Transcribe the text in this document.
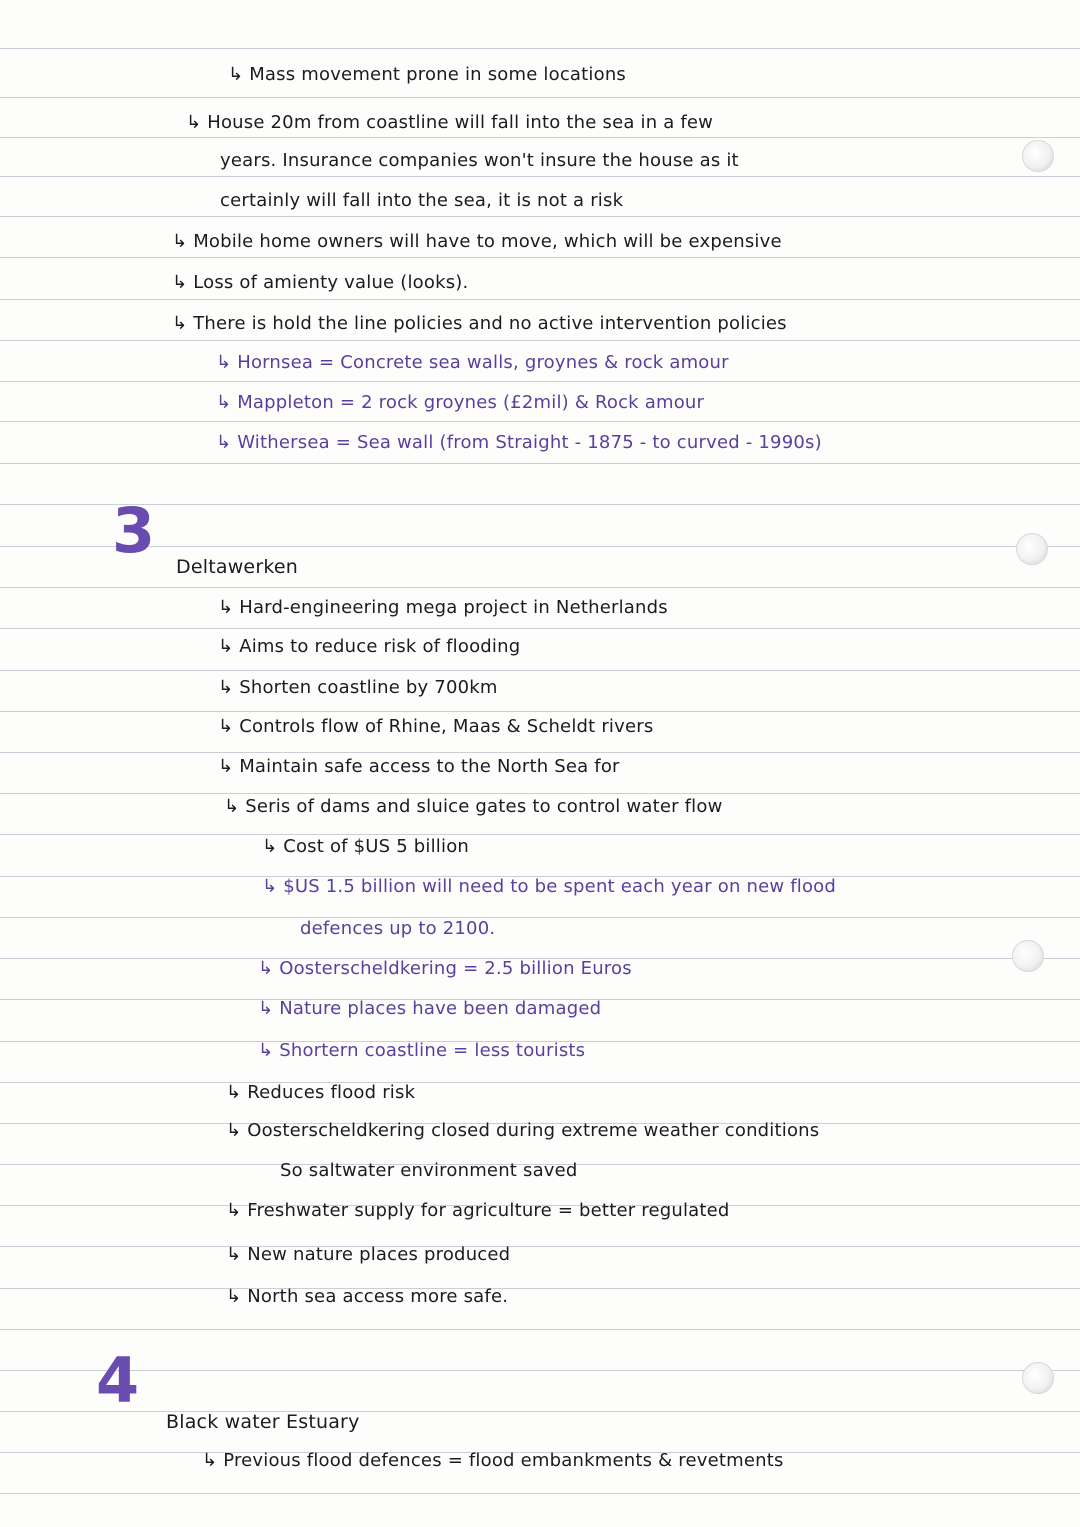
↳ Mass movement prone in some locations
↳ House 20m from coastline will fall into the sea in a few
years. Insurance companies won't insure the house as it
certainly will fall into the sea, it is not a risk
↳ Mobile home owners will have to move, which will be expensive
↳ Loss of amienty value (looks).
↳ There is hold the line policies and no active intervention policies
↳ Hornsea = Concrete sea walls, groynes & rock amour
↳ Mappleton = 2 rock groynes (£2mil) & Rock amour
↳ Withersea = Sea wall (from Straight - 1875 - to curved - 1990s)
3 Deltawerken
↳ Hard-engineering mega project in Netherlands
↳ Aims to reduce risk of flooding
↳ Shorten coastline by 700km
↳ Controls flow of Rhine, Maas & Scheldt rivers
↳ Maintain safe access to the North Sea for
↳ Seris of dams and sluice gates to control water flow
↳ Cost of $US 5 billion
↳ $US 1.5 billion will need to be spent each year on new flood
defences up to 2100.
↳ Oosterscheldkering = 2.5 billion Euros
↳ Nature places have been damaged
↳ Shortern coastline = less tourists
↳ Reduces flood risk
↳ Oosterscheldkering closed during extreme weather conditions
So saltwater environment saved
↳ Freshwater supply for agriculture = better regulated
↳ New nature places produced
↳ North sea access more safe.
4
Black water Estuary
↳ Previous flood defences = flood embankments & revetments
